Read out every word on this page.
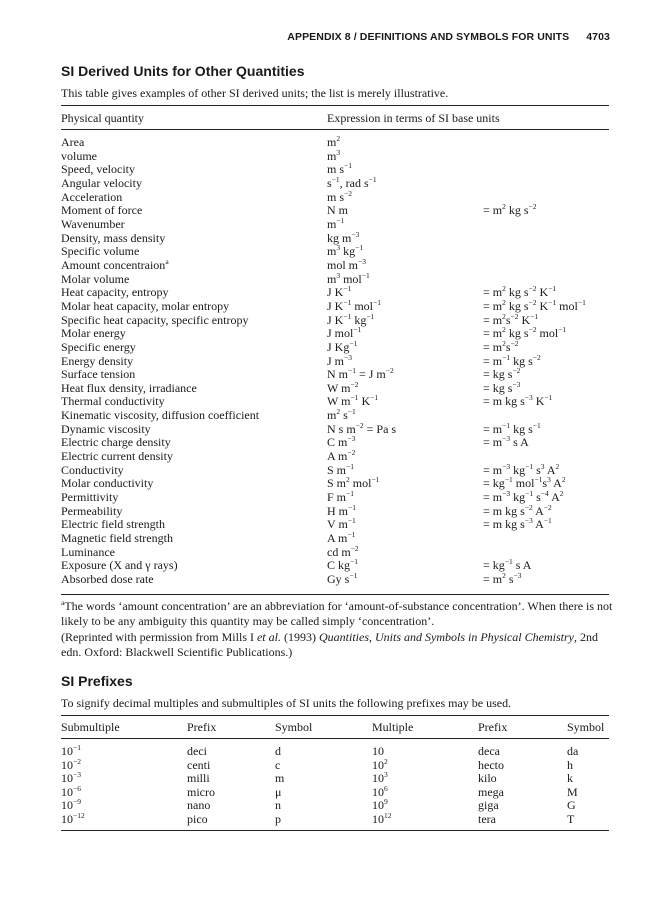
APPENDIX 8 / DEFINITIONS AND SYMBOLS FOR UNITS 4703
SI Derived Units for Other Quantities
This table gives examples of other SI derived units; the list is merely illustrative.
Physical quantity	Expression in terms of SI base units
Area	$m^2$
volume	$m^3$
Speed, velocity	m $s^{-1}$
Angular velocity	$s^{-1}$, rad $s^{-1}$
Acceleration	m $s^{-2}$
Moment of force	N m	= $m^2$ kg $s^{-2}$
Wavenumber	$m^{-1}$
Density, mass density	kg $m^{-3}$
Specific volume	$m^3$ $kg^{-1}$
Amount concentraion$^a$	mol $m^{-3}$
Molar volume	$m^3$ mol$^{-1}$
Heat capacity, entropy	J $K^{-1}$	= $m^2$ kg $s^{-2}$ $K^{-1}$
Molar heat capacity, molar entropy	J $K^{-1}$ mol$^{-1}$	= $m^2$ kg $s^{-2}$ $K^{-1}$ mol$^{-1}$
Specific heat capacity, specific entropy	J $K^{-1}$ $kg^{-1}$	= $m^2s^{-2}$ $K^{-1}$
Molar energy	J mol$^{-1}$	= $m^2$ kg $s^{-2}$ mol$^{-1}$
Specific energy	J $Kg^{-1}$	= $m^2s^{-2}$
Energy density	J $m^{-3}$	= $m^{-1}$ kg $s^{-2}$
Surface tension	N $m^{-1} = J$ $m^{-2}$	= kg $s^{-2}$
Heat flux density, irradiance	W $m^{-2}$	= kg $s^{-3}$
Thermal conductivity	W $m^{-1}$ $K^{-1}$	= m kg $s^{-3}$ $K^{-1}$
Kinematic viscosity, diffusion coefficient	$m^2$ $s^{-1}$
Dynamic viscosity	N s $m^{-2} = Pa$ s	= $m^{-1}$ kg $s^{-1}$
Electric charge density	C $m^{-3}$	= $m^{-3}$ s A
Electric current density	A $m^{-2}$
Conductivity	S $m^{-1}$	= $m^{-3}$ $kg^{-1}$ $s^3$ $A^2$
Molar conductivity	S $m^2$ mol$^{-1}$	= $kg^{-1}$ $mol^{-1}s^3$ $A^2$
Permittivity	F $m^{-1}$	= $m^{-3}$ $kg^{-1}$ $s^{-4}$ $A^2$
Permeability	H $m^{-1}$	= m kg $s^{-2}$ $A^{-2}$
Electric field strength	V $m^{-1}$	= m kg $s^{-3}$ $A^{-1}$
Magnetic field strength	A $m^{-1}$
Luminance	cd $m^{-2}$
Exposure (X and γ rays)	C $kg^{-1}$	= $kg^{-1}$ s A
Absorbed dose rate	Gy $s^{-1}$	= $m^2$ $s^{-3}$
$^a$The words ‘amount concentration’ are an abbreviation for ‘amount-of-substance concentration’. When there is not likely to be any ambiguity this quantity may be called simply ‘concentration’.
(Reprinted with permission from Mills I et al. (1993) Quantities, Units and Symbols in Physical Chemistry, 2nd edn. Oxford: Blackwell Scientific Publications.)
SI Prefixes
To signify decimal multiples and submultiples of SI units the following prefixes may be used.
Submultiple	Prefix	Symbol	Multiple	Prefix	Symbol
$10^{-1}$	deci	d	10	deca	da
$10^{-2}$	centi	c	$10^2$	hecto	h
$10^{-3}$	milli	m	$10^3$	kilo	k
$10^{-6}$	micro	μ	$10^6$	mega	M
$10^{-9}$	nano	n	$10^9$	giga	G
$10^{-12}$	pico	p	$10^{12}$	tera	T
